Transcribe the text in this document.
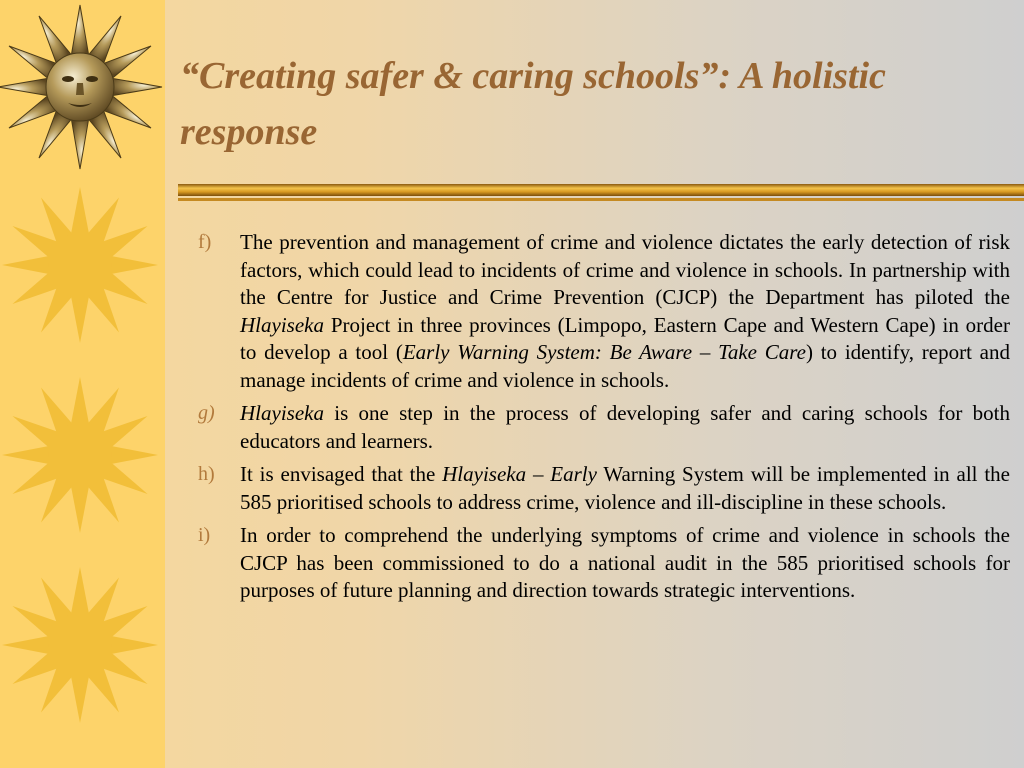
“Creating safer & caring schools”: A holistic response
f)	The prevention and management of crime and violence dictates the early detection of risk factors, which could lead to incidents of crime and violence in schools. In partnership with the Centre for Justice and Crime Prevention (CJCP) the Department has piloted the Hlayiseka Project in three provinces (Limpopo, Eastern Cape and Western Cape) in order to develop a tool (Early Warning System: Be Aware – Take Care) to identify, report and manage incidents of crime and violence in schools.
g)	Hlayiseka is one step in the process of developing safer and caring schools for both educators and learners.
h)	It is envisaged that the Hlayiseka – Early Warning System will be implemented in all the 585 prioritised schools to address crime, violence and ill-discipline in these schools.
i)	In order to comprehend the underlying symptoms of crime and violence in schools the CJCP has been commissioned to do a national audit in the 585 prioritised schools for purposes of future planning and direction towards strategic interventions.
